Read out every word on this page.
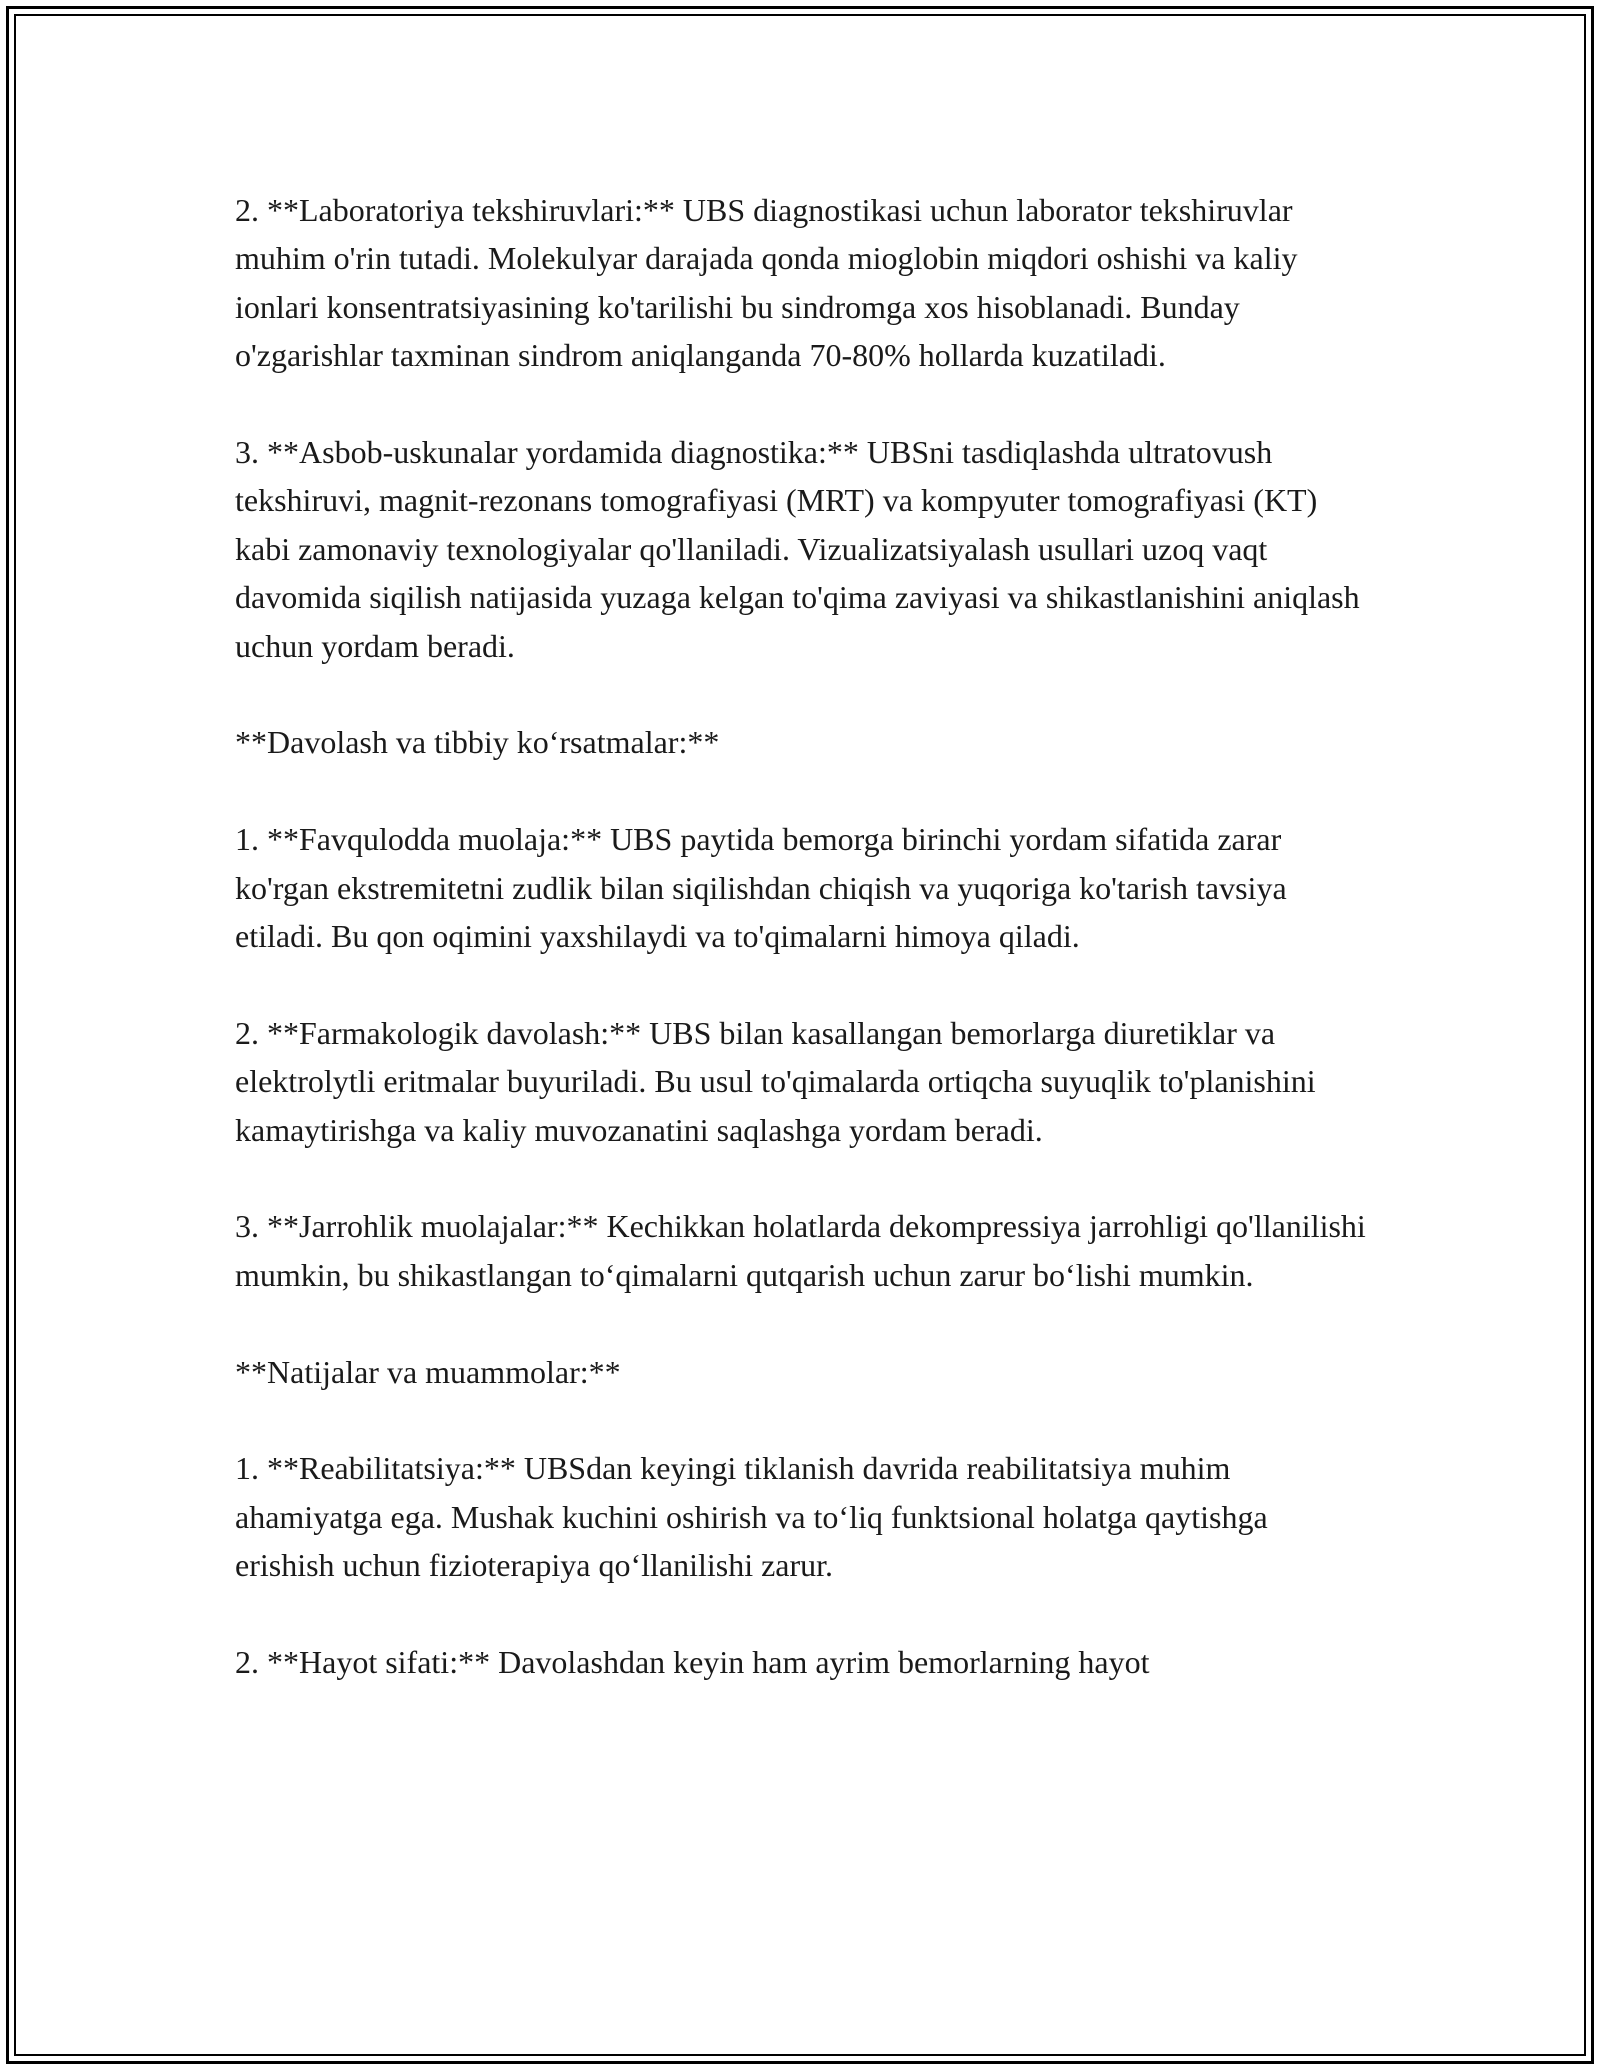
2. **Laboratoriya tekshiruvlari:** UBS diagnostikasi uchun laborator tekshiruvlar muhim o'rin tutadi. Molekulyar darajada qonda mioglobin miqdori oshishi va kaliy ionlari konsentratsiyasining ko'tarilishi bu sindromga xos hisoblanadi. Bunday o'zgarishlar taxminan sindrom aniqlanganda 70-80% hollarda kuzatiladi.

3. **Asbob-uskunalar yordamida diagnostika:** UBSni tasdiqlashda ultratovush tekshiruvi, magnit-rezonans tomografiyasi (MRT) va kompyuter tomografiyasi (KT) kabi zamonaviy texnologiyalar qo'llaniladi. Vizualizatsiyalash usullari uzoq vaqt davomida siqilish natijasida yuzaga kelgan to'qima zaviyasi va shikastlanishini aniqlash uchun yordam beradi.

**Davolash va tibbiy koʻrsatmalar:**

1. **Favqulodda muolaja:** UBS paytida bemorga birinchi yordam sifatida zarar ko'rgan ekstremitetni zudlik bilan siqilishdan chiqish va yuqoriga ko'tarish tavsiya etiladi. Bu qon oqimini yaxshilaydi va to'qimalarni himoya qiladi.

2. **Farmakologik davolash:** UBS bilan kasallangan bemorlarga diuretiklar va elektrolytli eritmalar buyuriladi. Bu usul to'qimalarda ortiqcha suyuqlik to'planishini kamaytirishga va kaliy muvozanatini saqlashga yordam beradi.

3. **Jarrohlik muolajalar:** Kechikkan holatlarda dekompressiya jarrohligi qo'llanilishi mumkin, bu shikastlangan toʻqimalarni qutqarish uchun zarur boʻlishi mumkin.

**Natijalar va muammolar:**

1. **Reabilitatsiya:** UBSdan keyingi tiklanish davrida reabilitatsiya muhim ahamiyatga ega. Mushak kuchini oshirish va toʻliq funktsional holatga qaytishga erishish uchun fizioterapiya qoʻllanilishi zarur.

2. **Hayot sifati:** Davolashdan keyin ham ayrim bemorlarning hayot
